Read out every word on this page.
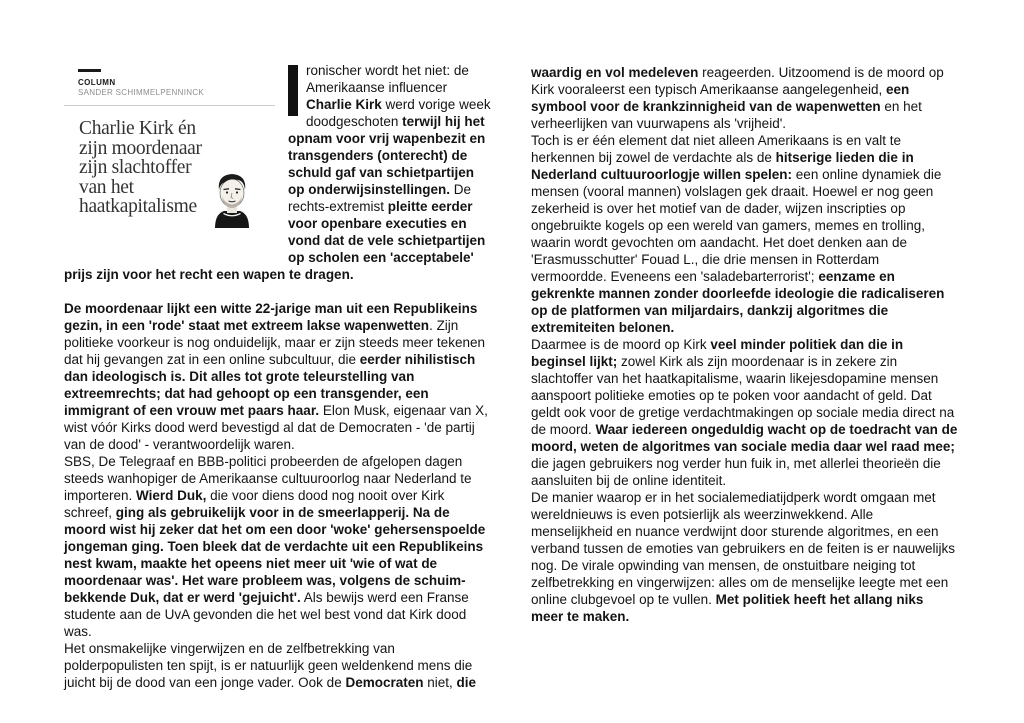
COLUMN
SANDER SCHIMMELPENNINCK
Charlie Kirk én
zijn moordenaar
zijn slachtoffer
van het
haatkapitalisme

ronischer wordt het niet: de Amerikaanse influencer Charlie Kirk werd vorige week doodgeschoten terwijl hij het opnam voor vrij wapenbezit en transgenders (onterecht) de schuld gaf van schietpartijen op onderwijsinstellingen. De rechts-extremist pleitte eerder voor openbare executies en vond dat de vele schietpartijen op scholen een 'acceptabele' prijs zijn voor het recht een wapen te dragen.

De moordenaar lijkt een witte 22-jarige man uit een Republikeins gezin, in een 'rode' staat met extreem lakse wapenwetten. Zijn politieke voorkeur is nog onduidelijk, maar er zijn steeds meer tekenen dat hij gevangen zat in een online subcultuur, die eerder nihilistisch dan ideologisch is. Dit alles tot grote teleurstelling van extreemrechts; dat had gehoopt op een transgender, een immigrant of een vrouw met paars haar. Elon Musk, eigenaar van X, wist vóór Kirks dood werd bevestigd al dat de Democraten - 'de partij van de dood' - verantwoordelijk waren.

SBS, De Telegraaf en BBB-politici probeerden de afgelopen dagen steeds wanhopiger de Amerikaanse cultuuroorlog naar Nederland te importeren. Wierd Duk, die voor diens dood nog nooit over Kirk schreef, ging als gebruikelijk voor in de smeerlapperij. Na de moord wist hij zeker dat het om een door 'woke' gehersenspoelde jongeman ging. Toen bleek dat de verdachte uit een Republikeins nest kwam, maakte het opeens niet meer uit 'wie of wat de moordenaar was'. Het ware probleem was, volgens de schuim-bekkende Duk, dat er werd 'gejuicht'. Als bewijs werd een Franse studente aan de UvA gevonden die het wel best vond dat Kirk dood was.

Het onsmakelijke vingerwijzen en de zelfbetrekking van polderpopulisten ten spijt, is er natuurlijk geen weldenkend mens die juicht bij de dood van een jonge vader. Ook de Democraten niet, die

waardig en vol medeleven reageerden. Uitzoomend is de moord op Kirk vooraleerst een typisch Amerikaanse aangelegenheid, een symbool voor de krankzinnigheid van de wapenwetten en het verheerlijken van vuurwapens als 'vrijheid'.

Toch is er één element dat niet alleen Amerikaans is en valt te herkennen bij zowel de verdachte als de hitserige lieden die in Nederland cultuuroorlogje willen spelen: een online dynamiek die mensen (vooral mannen) volslagen gek draait. Hoewel er nog geen zekerheid is over het motief van de dader, wijzen inscripties op ongebruikte kogels op een wereld van gamers, memes en trolling, waarin wordt gevochten om aandacht. Het doet denken aan de 'Erasmusschutter' Fouad L., die drie mensen in Rotterdam vermoordde. Eveneens een 'saladebarterrorist'; eenzame en gekrenkte mannen zonder doorleefde ideologie die radicaliseren op de platformen van miljardairs, dankzij algoritmes die extremiteiten belonen.

Daarmee is de moord op Kirk veel minder politiek dan die in beginsel lijkt; zowel Kirk als zijn moordenaar is in zekere zin slachtoffer van het haatkapitalisme, waarin likejesdopamine mensen aanspoort politieke emoties op te poken voor aandacht of geld. Dat geldt ook voor de gretige verdachtmakingen op sociale media direct na de moord. Waar iedereen ongeduldig wacht op de toedracht van de moord, weten de algoritmes van sociale media daar wel raad mee; die jagen gebruikers nog verder hun fuik in, met allerlei theorieën die aansluiten bij de online identiteit.

De manier waarop er in het socialemediatijdperk wordt omgaan met wereldnieuws is even potsierlijk als weerzinwekkend. Alle menselijkheid en nuance verdwijnt door sturende algoritmes, en een verband tussen de emoties van gebruikers en de feiten is er nauwelijks nog. De virale opwinding van mensen, de onstuitbare neiging tot zelfbetrekking en vingerwijzen: alles om de menselijke leegte met een online clubgevoel op te vullen. Met politiek heeft het allang niks meer te maken.
